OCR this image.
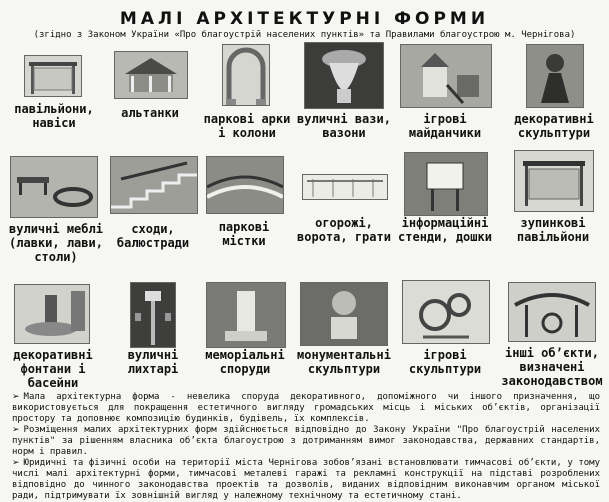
МАЛІ АРХІТЕКТУРНІ ФОРМИ
(згідно з Законом України «Про благоустрій населених пунктів» та Правилами благоустрою м. Чернігова)
павільйони,
навіси
альтанки	паркові арки
і колони
вуличні вази,
вазони
ігрові
майданчики
декоративні
скульптури
вуличні меблі
(лавки, лави,
столи)
сходи,
балюстради
паркові
містки
огорожі,
ворота, грати
інформаційні
стенди, дошки
зупинкові
павільйони
декоративні
фонтани і
басейни
вуличні
лихтарі
меморіальні
споруди
монументальні
скульптури
ігрові
скульптури
інші об’єкти,
визначені
законодавством
➢ Мала архітектурна форма - невелика споруда декоративного, допоміжного чи іншого призначення, що використовується для покращення естетичного вигляду громадських місць і міських об’єктів, організації простору та доповнює композицію будинків, будівель, їх комплексів.
➢ Розміщення малих архітектурних форм здійснюється відповідно до Закону України "Про благоустрій населених пунктів" за рішенням власника об’єкта благоустрою з дотриманням вимог законодавства, державних стандартів, норм і правил.
➢ Юридичні та фізичні особи на території міста Чернігова зобов’язані встановлювати тимчасові об’єкти, у тому числі малі архітектурні форми, тимчасові металеві гаражі та рекламні конструкції на підставі розроблених відповідно до чинного законодавства проектів та дозволів, виданих відповідним виконавчим органом міської ради, підтримувати їх зовнішній вигляд у належному технічному та естетичному стані.
